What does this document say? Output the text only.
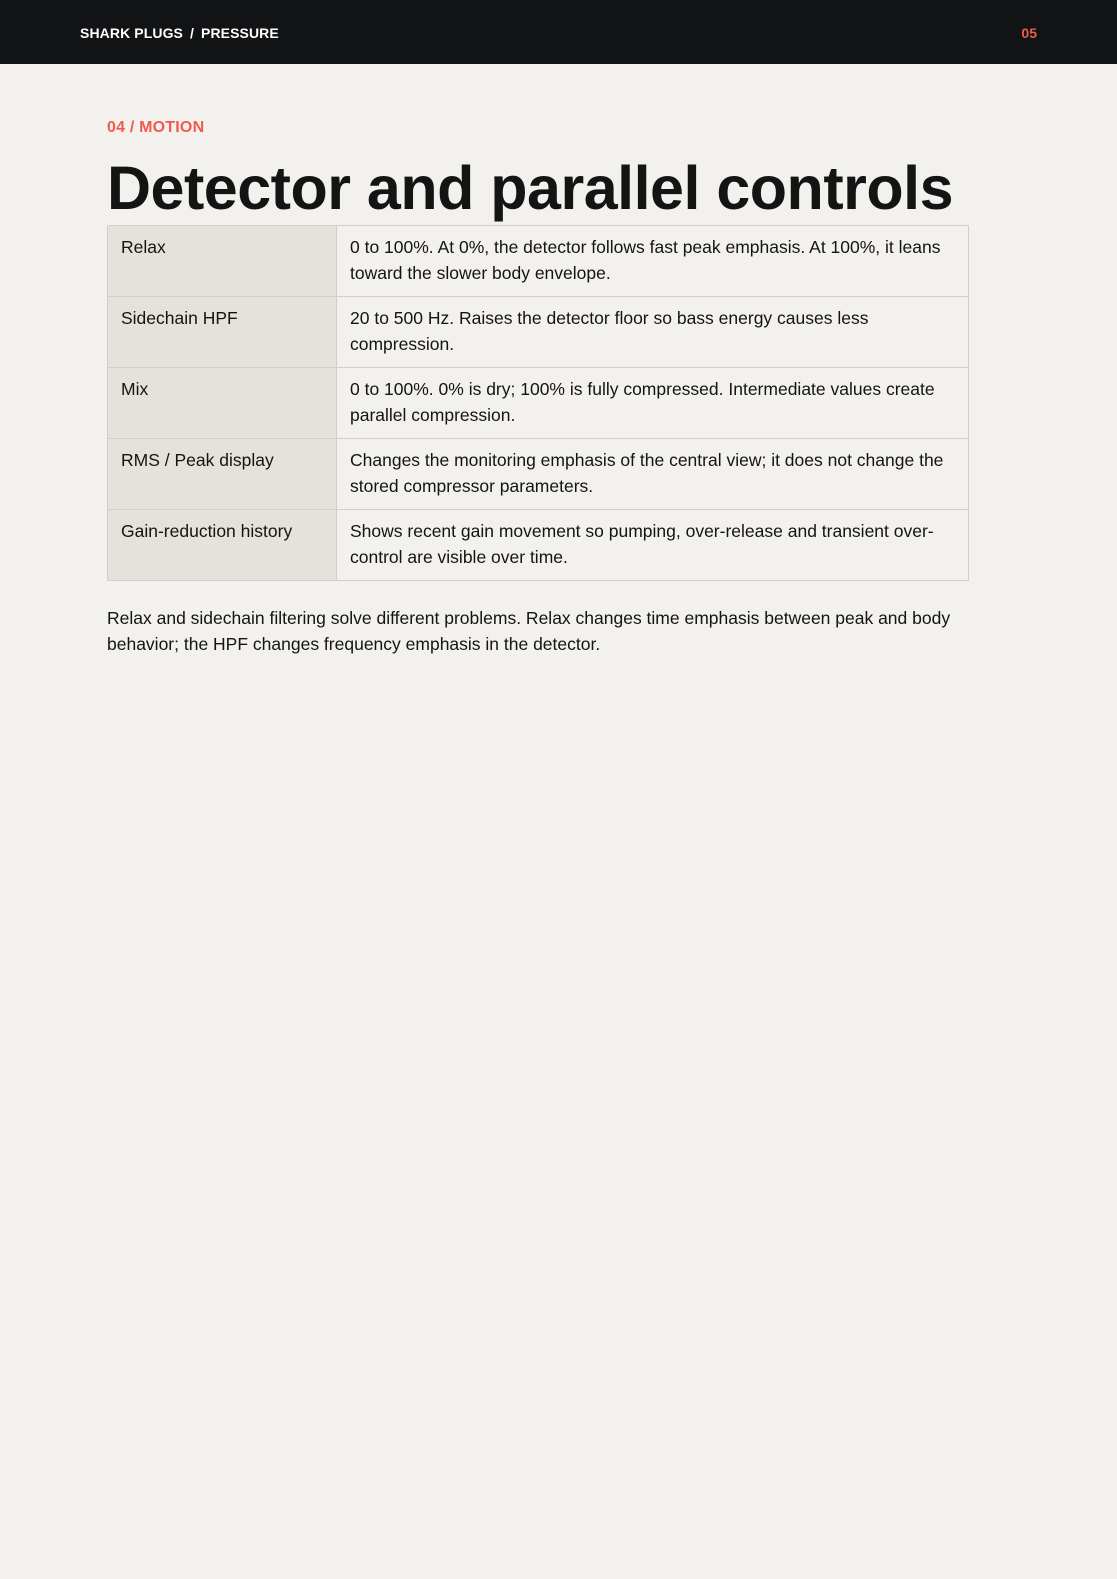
SHARK PLUGS / PRESSURE	05
04 / MOTION
Detector and parallel controls
Relax	0 to 100%. At 0%, the detector follows fast peak emphasis. At 100%, it leans toward the slower body envelope.
Sidechain HPF	20 to 500 Hz. Raises the detector floor so bass energy causes less compression.
Mix	0 to 100%. 0% is dry; 100% is fully compressed. Intermediate values create parallel compression.
RMS / Peak display	Changes the monitoring emphasis of the central view; it does not change the stored compressor parameters.
Gain-reduction history	Shows recent gain movement so pumping, over-release and transient over-control are visible over time.

Relax and sidechain filtering solve different problems. Relax changes time emphasis between peak and body behavior; the HPF changes frequency emphasis in the detector.
